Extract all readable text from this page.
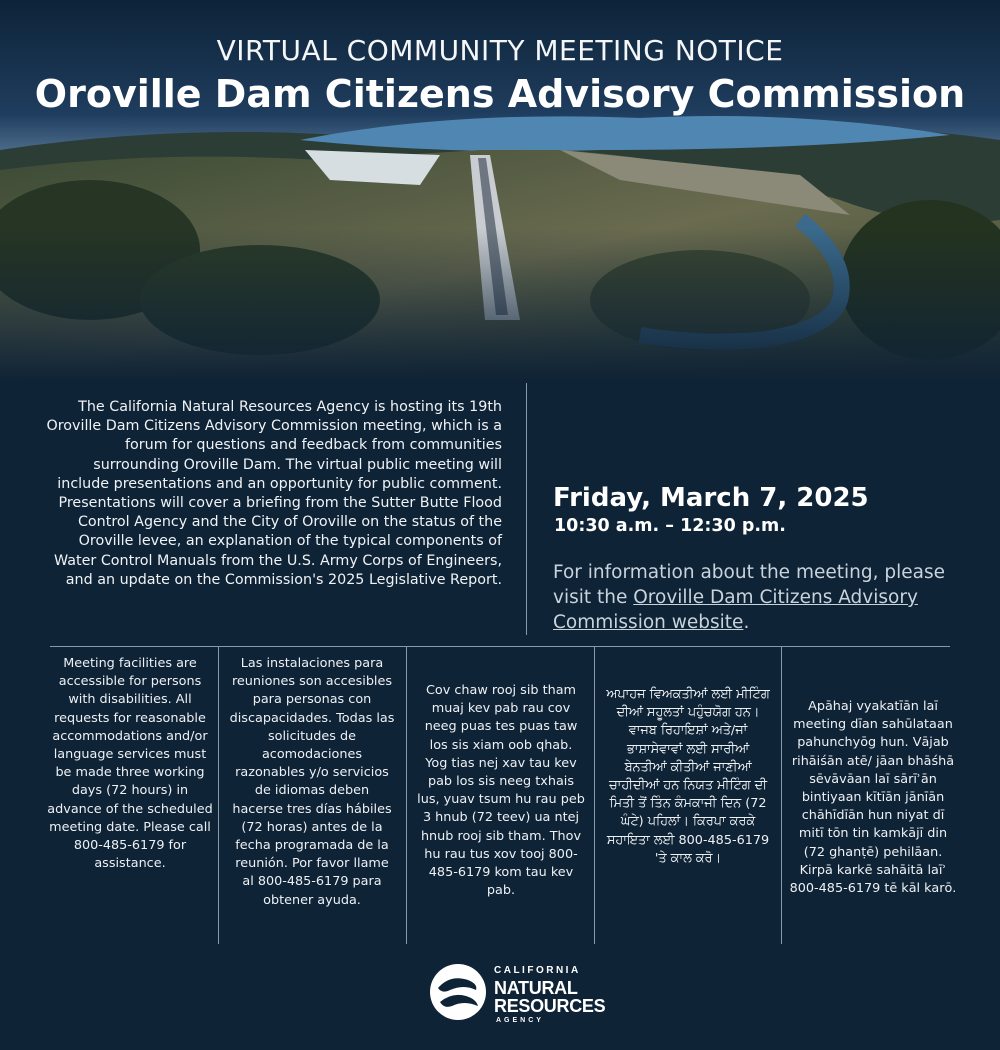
VIRTUAL COMMUNITY MEETING NOTICE
Oroville Dam Citizens Advisory Commission
The California Natural Resources Agency is hosting its 19th Oroville Dam Citizens Advisory Commission meeting, which is a forum for questions and feedback from communities surrounding Oroville Dam. The virtual public meeting will include presentations and an opportunity for public comment. Presentations will cover a briefing from the Sutter Butte Flood Control Agency and the City of Oroville on the status of the Oroville levee, an explanation of the typical components of Water Control Manuals from the U.S. Army Corps of Engineers, and an update on the Commission's 2025 Legislative Report.
Friday, March 7, 2025
10:30 a.m. – 12:30 p.m.
For information about the meeting, please visit the Oroville Dam Citizens Advisory Commission website.
Meeting facilities are accessible for persons with disabilities. All requests for reasonable accommodations and/or language services must be made three working days (72 hours) in advance of the scheduled meeting date. Please call 800-485-6179 for assistance.
Las instalaciones para reuniones son accesibles para personas con discapacidades. Todas las solicitudes de acomodaciones razonables y/o servicios de idiomas deben hacerse tres días hábiles (72 horas) antes de la fecha programada de la reunión. Por favor llame al 800-485-6179 para obtener ayuda.
Cov chaw rooj sib tham muaj kev pab rau cov neeg puas tes puas taw los sis xiam oob qhab. Yog tias nej xav tau kev pab los sis neeg txhais lus, yuav tsum hu rau peb 3 hnub (72 teev) ua ntej hnub rooj sib tham. Thov hu rau tus xov tooj 800-485-6179 kom tau kev pab.
ਅਪਾਹਜ ਵਿਅਕਤੀਆਂ ਲਈ ਮੀਟਿੰਗ ਦੀਆਂ ਸਹੂਲਤਾਂ ਪਹੁੰਚਯੋਗ ਹਨ। ਵਾਜਬ ਰਿਹਾਇਸ਼ਾਂ ਅਤੇ/ਜਾਂ ਭਾਸ਼ਾਸੇਵਾਵਾਂ ਲਈ ਸਾਰੀਆਂ ਬੇਨਤੀਆਂ ਕੀਤੀਆਂ ਜਾਣੀਆਂ ਚਾਹੀਦੀਆਂ ਹਨ ਨਿਯਤ ਮੀਟਿੰਗ ਦੀ ਮਿਤੀ ਤੋਂ ਤਿੰਨ ਕੰਮਕਾਜੀ ਦਿਨ (72 ਘੰਟੇ) ਪਹਿਲਾਂ। ਕਿਰਪਾ ਕਰਕੇ ਸਹਾਇਤਾ ਲਈ 800-485-6179 'ਤੇ ਕਾਲ ਕਰੋ।
Apāhaj vyakatīān laī meeting dīan sahūlataan pahunchyōg hun. Vājab rihāiśān atē/ jāan bhāśhā sēvāvāan laī sārīʾān bintiyaan kītīān jānīān chāhīdīān hun niyat dī mitī tōn tin kamkājī din (72 ghanṭē) pehilāan. Kirpā karkē sahāitā laīʾ 800-485-6179 tē kāl karō.
CALIFORNIA
NATURAL
RESOURCES
AGENCY
